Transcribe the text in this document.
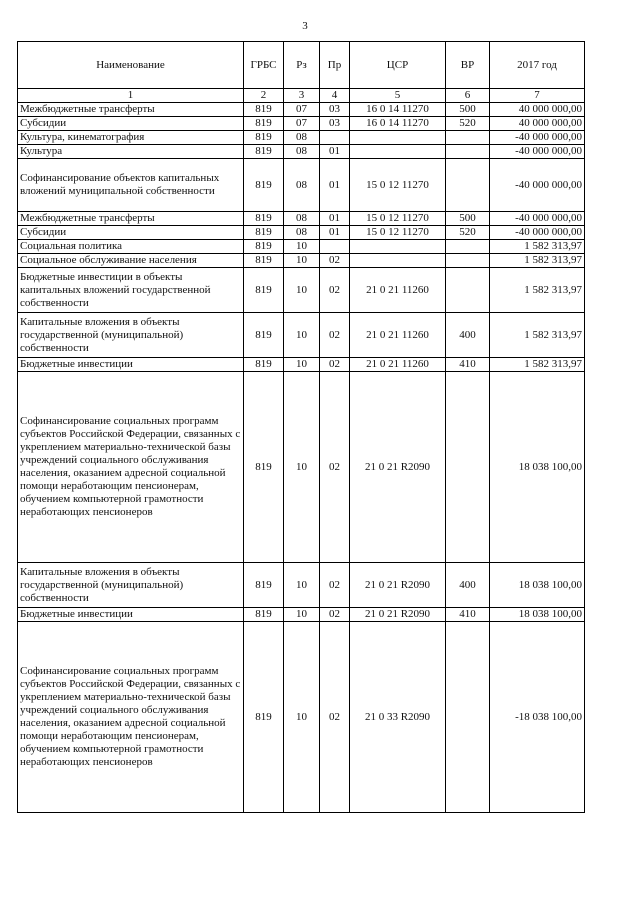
3
Наименование	ГРБС	Рз	Пр	ЦСР	ВР	2017 год
1	2	3	4	5	6	7
Межбюджетные трансферты	819	07	03	16 0 14 11270	500	40 000 000,00
Субсидии	819	07	03	16 0 14 11270	520	40 000 000,00
Культура, кинематография	819	08				-40 000 000,00
Культура	819	08	01			-40 000 000,00
Софинансирование объектов капитальных вложений муниципальной собственности	819	08	01	15 0 12 11270		-40 000 000,00
Межбюджетные трансферты	819	08	01	15 0 12 11270	500	-40 000 000,00
Субсидии	819	08	01	15 0 12 11270	520	-40 000 000,00
Социальная политика	819	10				1 582 313,97
Социальное обслуживание населения	819	10	02			1 582 313,97
Бюджетные инвестиции в объекты капитальных вложений государственной собственности	819	10	02	21 0 21 11260		1 582 313,97
Капитальные вложения в объекты государственной (муниципальной) собственности	819	10	02	21 0 21 11260	400	1 582 313,97
Бюджетные инвестиции	819	10	02	21 0 21 11260	410	1 582 313,97
Софинансирование социальных программ субъектов Российской Федерации, связанных с укреплением материально-технической базы учреждений социального обслуживания населения, оказанием адресной социальной помощи неработающим пенсионерам, обучением компьютерной грамотности неработающих пенсионеров	819	10	02	21 0 21 R2090		18 038 100,00
Капитальные вложения в объекты государственной (муниципальной) собственности	819	10	02	21 0 21 R2090	400	18 038 100,00
Бюджетные инвестиции	819	10	02	21 0 21 R2090	410	18 038 100,00
Софинансирование социальных программ субъектов Российской Федерации, связанных с укреплением материально-технической базы учреждений социального обслуживания населения, оказанием адресной социальной помощи неработающим пенсионерам, обучением компьютерной грамотности неработающих пенсионеров	819	10	02	21 0 33 R2090		-18 038 100,00
